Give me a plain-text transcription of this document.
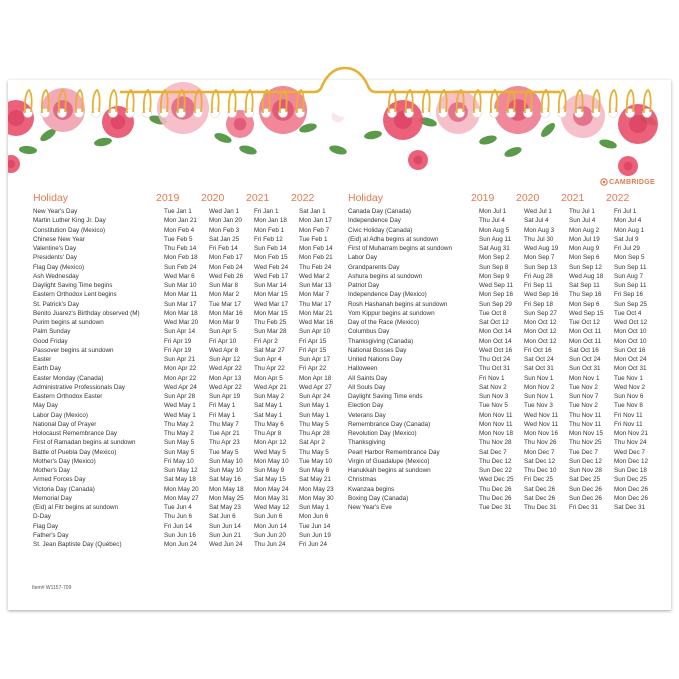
CAMBRIDGE
Holiday	2019 2020 2021 2022
New Year's Day	Tue Jan 1	Wed Jan 1 Fri Jan 1	Sat Jan 1
Martin Luther King Jr. Day	Mon Jan 21 Mon Jan 20 Mon Jan 18 Mon Jan 17
Constitution Day (Mexico)	Mon Feb 4 Mon Feb 3 Mon Feb 1 Mon Feb 7
Chinese New Year	Tue Feb 5	Sat Jan 25 Fri Feb 12	Tue Feb 1
Valentine's Day	Thu Feb 14 Fri Feb 14	Sun Feb 14 Mon Feb 14
Presidents' Day	Mon Feb 18 Mon Feb 17 Mon Feb 15 Mon Feb 21
Flag Day (Mexico)	Sun Feb 24 Mon Feb 24 Wed Feb 24 Thu Feb 24
Ash Wednesday	Wed Mar 6 Wed Feb 26 Wed Feb 17 Wed Mar 2
Daylight Saving Time begins	Sun Mar 10 Sun Mar 8	Sun Mar 14 Sun Mar 13
Eastern Orthodox Lent begins	Mon Mar 11 Mon Mar 2 Mon Mar 15 Mon Mar 7
St. Patrick's Day	Sun Mar 17 Tue Mar 17 Wed Mar 17 Thu Mar 17
Benito Juarez's Birthday observed (M)	Mon Mar 18 Mon Mar 16 Mon Mar 15 Mon Mar 21
Purim begins at sundown	Wed Mar 20 Mon Mar 9 Thu Feb 25 Wed Mar 16
Palm Sunday	Sun Apr 14 Sun Apr 5	Sun Mar 28 Sun Apr 10
Good Friday	Fri Apr 19	Fri Apr 10	Fri Apr 2	Fri Apr 15
Passover begins at sundown	Fri Apr 19	Wed Apr 8 Sat Mar 27 Fri Apr 15
Easter	Sun Apr 21 Sun Apr 12 Sun Apr 4	Sun Apr 17
Earth Day	Mon Apr 22 Wed Apr 22 Thu Apr 22 Fri Apr 22
Easter Monday (Canada)	Mon Apr 22 Mon Apr 13 Mon Apr 5	Mon Apr 18
Administrative Professionals Day	Wed Apr 24 Wed Apr 22 Wed Apr 21 Wed Apr 27
Eastern Orthodox Easter	Sun Apr 28 Sun Apr 19 Sun May 2 Sun Apr 24
May Day	Wed May 1 Fri May 1	Sat May 1	Sun May 1
Labor Day (Mexico)	Wed May 1 Fri May 1	Sat May 1	Sun May 1
National Day of Prayer	Thu May 2 Thu May 7 Thu May 6 Thu May 5
Holocaust Remembrance Day	Thu May 2 Tue Apr 21 Thu Apr 8	Thu Apr 28
First of Ramadan begins at sundown	Sun May 5 Thu Apr 23 Mon Apr 12 Sat Apr 2
Battle of Puebla Day (Mexico)	Sun May 5 Tue May 5 Wed May 5 Thu May 5
Mother's Day (Mexico)	Fri May 10 Sun May 10 Mon May 10 Tue May 10
Mother's Day	Sun May 12 Sun May 10 Sun May 9 Sun May 8
Armed Forces Day	Sat May 18 Sat May 16 Sat May 15 Sat May 21
Victoria Day (Canada)	Mon May 20 Mon May 18 Mon May 24 Mon May 23
Memorial Day	Mon May 27 Mon May 25 Mon May 31 Mon May 30
(Eid) al Fitr begins at sundown	Tue Jun 4	Sat May 23 Wed May 12 Sun May 1
D-Day	Thu Jun 6	Sat Jun 6	Sun Jun 6	Mon Jun 6
Flag Day	Fri Jun 14	Sun Jun 14 Mon Jun 14 Tue Jun 14
Father's Day	Sun Jun 16 Sun Jun 21 Sun Jun 20 Sun Jun 19
St. Jean Baptiste Day (Québec)	Mon Jun 24 Wed Jun 24 Thu Jun 24 Fri Jun 24
Holiday	2019 2020 2021 2022
Canada Day (Canada)	Mon Jul 1	Wed Jul 1	Thu Jul 1	Fri Jul 1
Independence Day	Thu Jul 4	Sat Jul 4	Sun Jul 4	Mon Jul 4
Civic Holiday (Canada)	Mon Aug 5 Mon Aug 3 Mon Aug 2 Mon Aug 1
(Eid) al Adha begins at sundown	Sun Aug 11 Thu Jul 30 Mon Jul 19 Sat Jul 9
First of Muharram begins at sundown	Sat Aug 31 Wed Aug 19 Mon Aug 9 Fri Jul 29
Labor Day	Mon Sep 2 Mon Sep 7 Mon Sep 6 Mon Sep 5
Grandparents Day	Sun Sep 8 Sun Sep 13 Sun Sep 12 Sun Sep 11
Ashura begins at sundown	Mon Sep 9 Fri Aug 28	Wed Aug 18 Sun Aug 7
Patriot Day	Wed Sep 11 Fri Sep 11	Sat Sep 11 Sun Sep 11
Independence Day (Mexico)	Mon Sep 16 Wed Sep 16 Thu Sep 16 Fri Sep 16
Rosh Hashanah begins at sundown	Sun Sep 29 Fri Sep 18	Mon Sep 6 Sun Sep 25
Yom Kippur begins at sundown	Tue Oct 8	Sun Sep 27 Wed Sep 15 Tue Oct 4
Day of the Race (Mexico)	Sat Oct 12 Mon Oct 12 Tue Oct 12 Wed Oct 12
Columbus Day	Mon Oct 14 Mon Oct 12 Mon Oct 11 Mon Oct 10
Thanksgiving (Canada)	Mon Oct 14 Mon Oct 12 Mon Oct 11 Mon Oct 10
National Bosses Day	Wed Oct 16 Fri Oct 16	Sat Oct 16 Sun Oct 16
United Nations Day	Thu Oct 24 Sat Oct 24 Sun Oct 24 Mon Oct 24
Halloween	Thu Oct 31 Sat Oct 31 Sun Oct 31 Mon Oct 31
All Saints Day	Fri Nov 1	Sun Nov 1 Mon Nov 1 Tue Nov 1
All Souls Day	Sat Nov 2	Mon Nov 2 Tue Nov 2	Wed Nov 2
Daylight Saving Time ends	Sun Nov 3 Sun Nov 1 Sun Nov 7 Sun Nov 6
Election Day	Tue Nov 5	Tue Nov 3	Tue Nov 2	Tue Nov 8
Veterans Day	Mon Nov 11 Wed Nov 11 Thu Nov 11 Fri Nov 11
Remembrance Day (Canada)	Mon Nov 11 Wed Nov 11 Thu Nov 11 Fri Nov 11
Revolution Day (Mexico)	Mon Nov 18 Mon Nov 16 Mon Nov 15 Mon Nov 21
Thanksgiving	Thu Nov 28 Thu Nov 26 Thu Nov 25 Thu Nov 24
Pearl Harbor Remembrance Day	Sat Dec 7	Mon Dec 7 Tue Dec 7	Wed Dec 7
Virgin of Guadalupe (Mexico)	Thu Dec 12 Sat Dec 12 Sun Dec 12 Mon Dec 12
Hanukkah begins at sundown	Sun Dec 22 Thu Dec 10 Sun Nov 28 Sun Dec 18
Christmas	Wed Dec 25 Fri Dec 25	Sat Dec 25 Sun Dec 25
Kwanzaa begins	Thu Dec 26 Sat Dec 26 Sun Dec 26 Mon Dec 26
Boxing Day (Canada)	Thu Dec 26 Sat Dec 26 Sun Dec 26 Mon Dec 26
New Year's Eve	Tue Dec 31 Thu Dec 31 Fri Dec 31	Sat Dec 31
Item# W1157-709
